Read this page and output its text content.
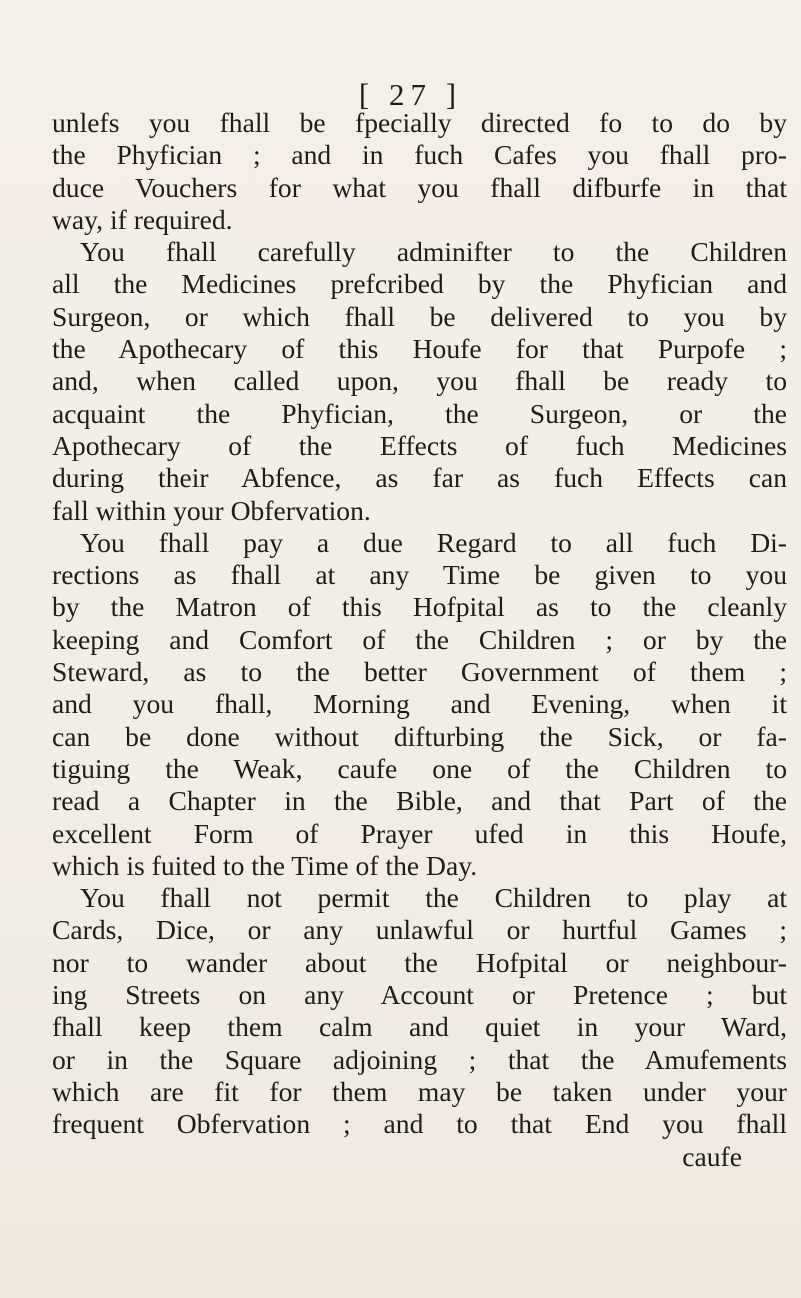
[ 27 ]
unlefs you fhall be fpecially directed fo to do by
the Phyfician ; and in fuch Cafes you fhall pro-
duce Vouchers for what you fhall difburfe in that
way, if required.
You fhall carefully adminifter to the Children
all the Medicines prefcribed by the Phyfician and
Surgeon, or which fhall be delivered to you by
the Apothecary of this Houfe for that Purpofe ;
and, when called upon, you fhall be ready to
acquaint the Phyfician, the Surgeon, or the
Apothecary of the Effects of fuch Medicines
during their Abfence, as far as fuch Effects can
fall within your Obfervation.
You fhall pay a due Regard to all fuch Di-
rections as fhall at any Time be given to you
by the Matron of this Hofpital as to the cleanly
keeping and Comfort of the Children ; or by the
Steward, as to the better Government of them ;
and you fhall, Morning and Evening, when it
can be done without difturbing the Sick, or fa-
tiguing the Weak, caufe one of the Children to
read a Chapter in the Bible, and that Part of the
excellent Form of Prayer ufed in this Houfe,
which is fuited to the Time of the Day.
You fhall not permit the Children to play at
Cards, Dice, or any unlawful or hurtful Games ;
nor to wander about the Hofpital or neighbour-
ing Streets on any Account or Pretence ; but
fhall keep them calm and quiet in your Ward,
or in the Square adjoining ; that the Amufements
which are fit for them may be taken under your
frequent Obfervation ; and to that End you fhall
caufe
